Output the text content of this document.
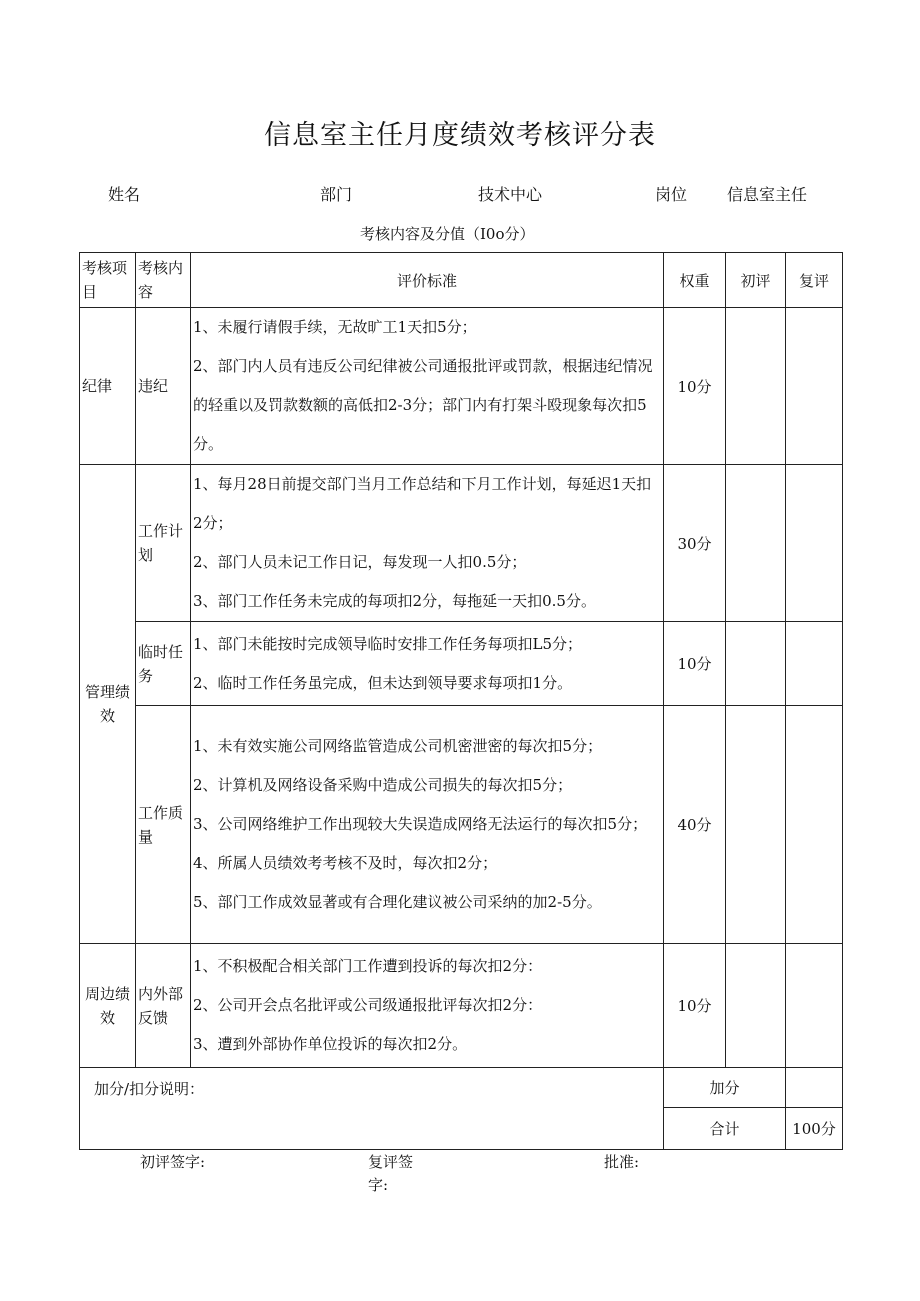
信息室主任月度绩效考核评分表
姓名	部门	技术中心	岗位 信息室主任
考核内容及分值（I0o分）
考核项目	考核内容	评价标准	权重	初评	复评
纪律	违纪	1、未履行请假手续，无故旷工1天扣5分；

2、部门内人员有违反公司纪律被公司通报批评或罚款，根据违纪情况的轻重以及罚款数额的高低扣2-3分；部门内有打架斗殴现象每次扣5分。	10分		
管理绩效	工作计划	1、每月28日前提交部门当月工作总结和下月工作计划，每延迟1天扣2分；

2、部门人员未记工作日记，每发现一人扣0.5分；

3、部门工作任务未完成的每项扣2分，每拖延一天扣0.5分。	30分		
	临时任务	1、部门未能按时完成领导临时安排工作任务每项扣L5分；

2、临时工作任务虽完成，但未达到领导要求每项扣1分。	10分		
	工作质量	1、未有效实施公司网络监管造成公司机密泄密的每次扣5分；

2、计算机及网络设备采购中造成公司损失的每次扣5分；

3、公司网络维护工作出现较大失误造成网络无法运行的每次扣5分；

4、所属人员绩效考考核不及时，每次扣2分；

5、部门工作成效显著或有合理化建议被公司采纳的加2-5分。	40分		
周边绩效	内外部反馈	1、不积极配合相关部门工作遭到投诉的每次扣2分：

2、公司开会点名批评或公司级通报批评每次扣2分：

3、遭到外部协作单位投诉的每次扣2分。	10分		
加分/扣分说明：			加分		
			合计		100分
初评签字:	复评签字:
批准:
